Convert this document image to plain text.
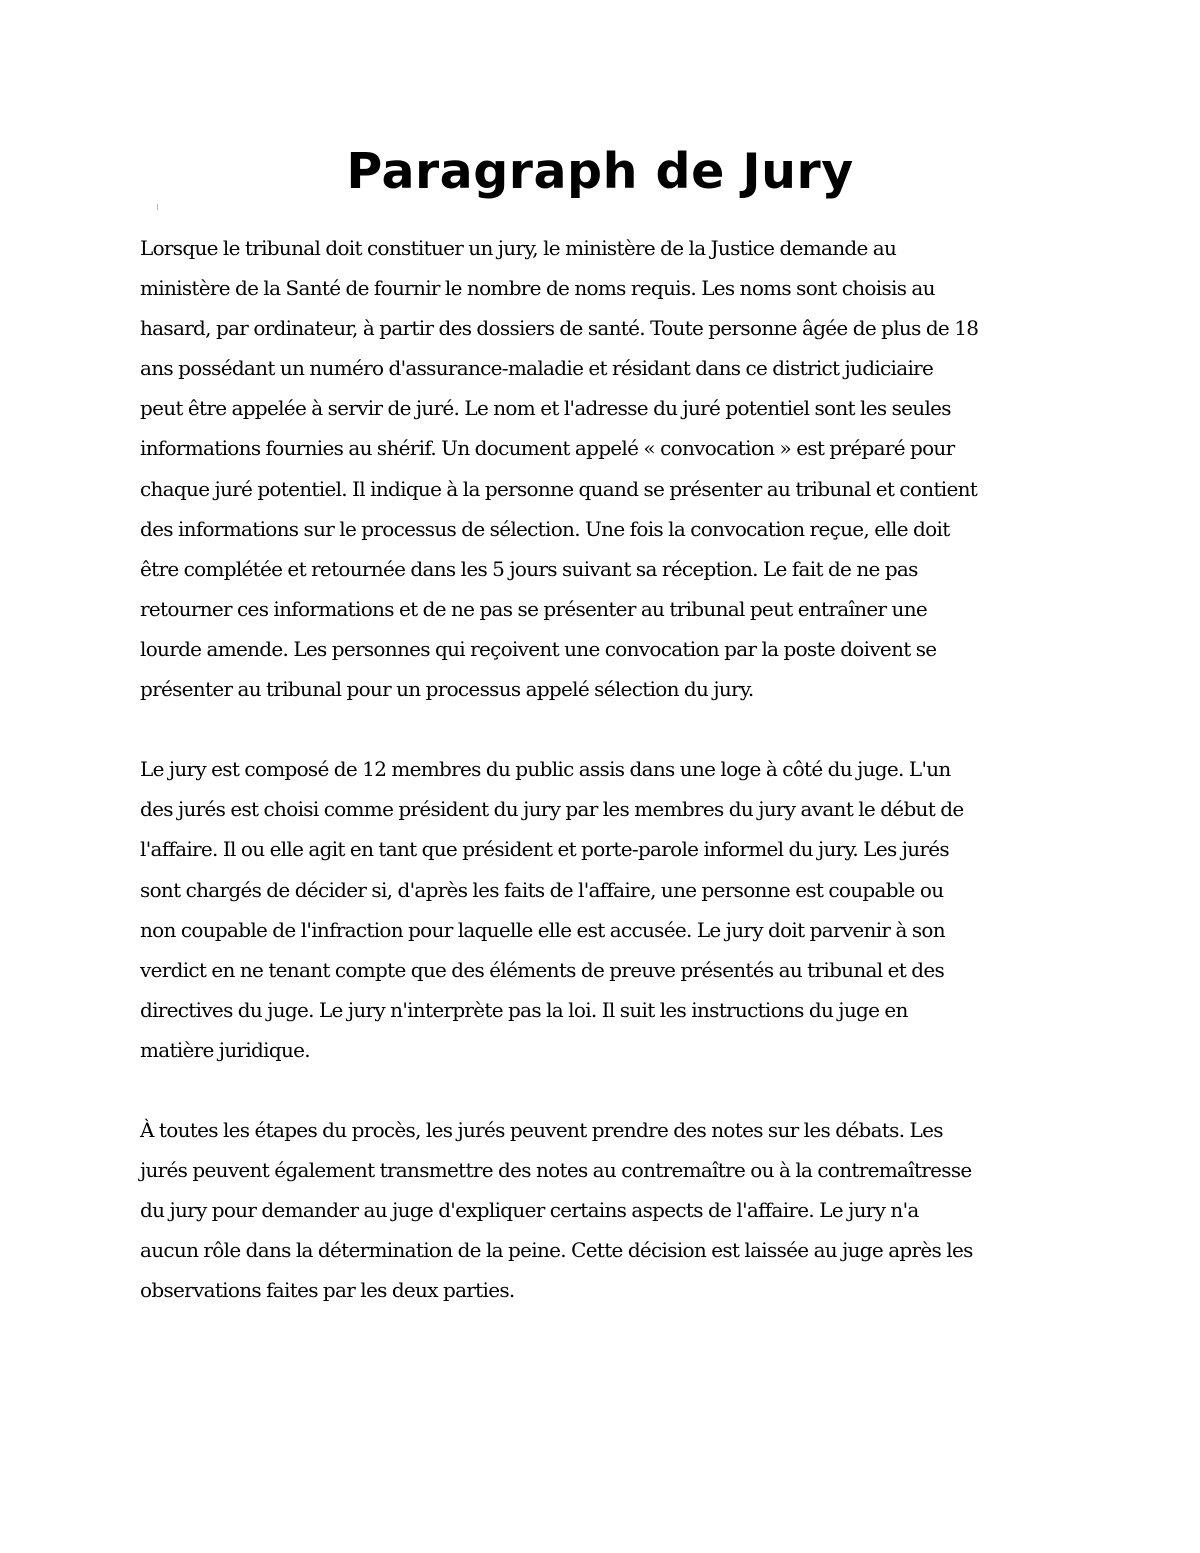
Paragraph de Jury

Lorsque le tribunal doit constituer un jury, le ministère de la Justice demande au
ministère de la Santé de fournir le nombre de noms requis. Les noms sont choisis au
hasard, par ordinateur, à partir des dossiers de santé. Toute personne âgée de plus de 18
ans possédant un numéro d'assurance-maladie et résidant dans ce district judiciaire
peut être appelée à servir de juré. Le nom et l'adresse du juré potentiel sont les seules
informations fournies au shérif. Un document appelé « convocation » est préparé pour
chaque juré potentiel. Il indique à la personne quand se présenter au tribunal et contient
des informations sur le processus de sélection. Une fois la convocation reçue, elle doit
être complétée et retournée dans les 5 jours suivant sa réception. Le fait de ne pas
retourner ces informations et de ne pas se présenter au tribunal peut entraîner une
lourde amende. Les personnes qui reçoivent une convocation par la poste doivent se
présenter au tribunal pour un processus appelé sélection du jury.

Le jury est composé de 12 membres du public assis dans une loge à côté du juge. L'un
des jurés est choisi comme président du jury par les membres du jury avant le début de
l'affaire. Il ou elle agit en tant que président et porte-parole informel du jury. Les jurés
sont chargés de décider si, d'après les faits de l'affaire, une personne est coupable ou
non coupable de l'infraction pour laquelle elle est accusée. Le jury doit parvenir à son
verdict en ne tenant compte que des éléments de preuve présentés au tribunal et des
directives du juge. Le jury n'interprète pas la loi. Il suit les instructions du juge en
matière juridique.

À toutes les étapes du procès, les jurés peuvent prendre des notes sur les débats. Les
jurés peuvent également transmettre des notes au contremaître ou à la contremaîtresse
du jury pour demander au juge d'expliquer certains aspects de l'affaire. Le jury n'a
aucun rôle dans la détermination de la peine. Cette décision est laissée au juge après les
observations faites par les deux parties.
